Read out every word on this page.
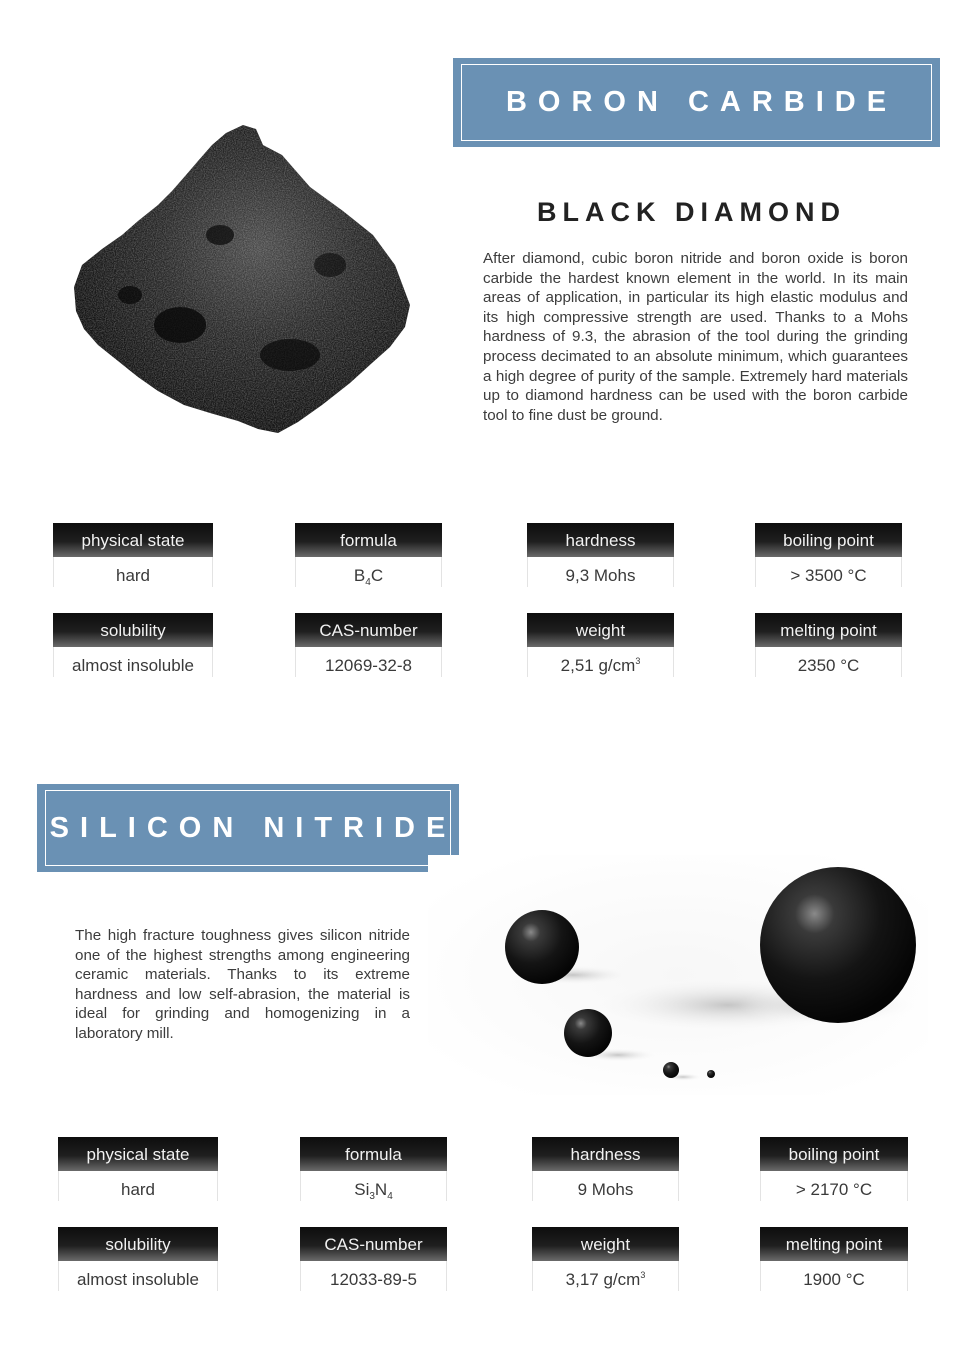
BORON CARBIDE
BLACK DIAMOND
After diamond, cubic boron nitride and boron oxide is boron carbide the hardest known element in the world. In its main areas of application, in particular its high elastic modulus and its high compressive strength are used. Thanks to a Mohs hardness of 9.3, the abrasion of the tool during the grinding process decimated to an absolute minimum, which guarantees a high degree of purity of the sample. Extremely hard materials up to diamond hardness can be used with the boron carbide tool to fine dust be ground.
physical state
hard
formula
$B_4C$
hardness
9,3 Mohs
boiling point
> 3500 °C
solubility
almost insoluble
CAS-number
12069-32-8
weight
2,51 $g/cm^3$
melting point
2350 °C
SILICON NITRIDE
The high fracture toughness gives silicon nitride one of the highest strengths among engineering ceramic materials. Thanks to its extreme hardness and low self-abrasion, the material is ideal for grinding and homogenizing in a laboratory mill.
physical state
hard
formula
$Si_3N_4$
hardness
9 Mohs
boiling point
> 2170 °C
solubility
almost insoluble
CAS-number
12033-89-5
weight
3,17 $g/cm^3$
melting point
1900 °C
